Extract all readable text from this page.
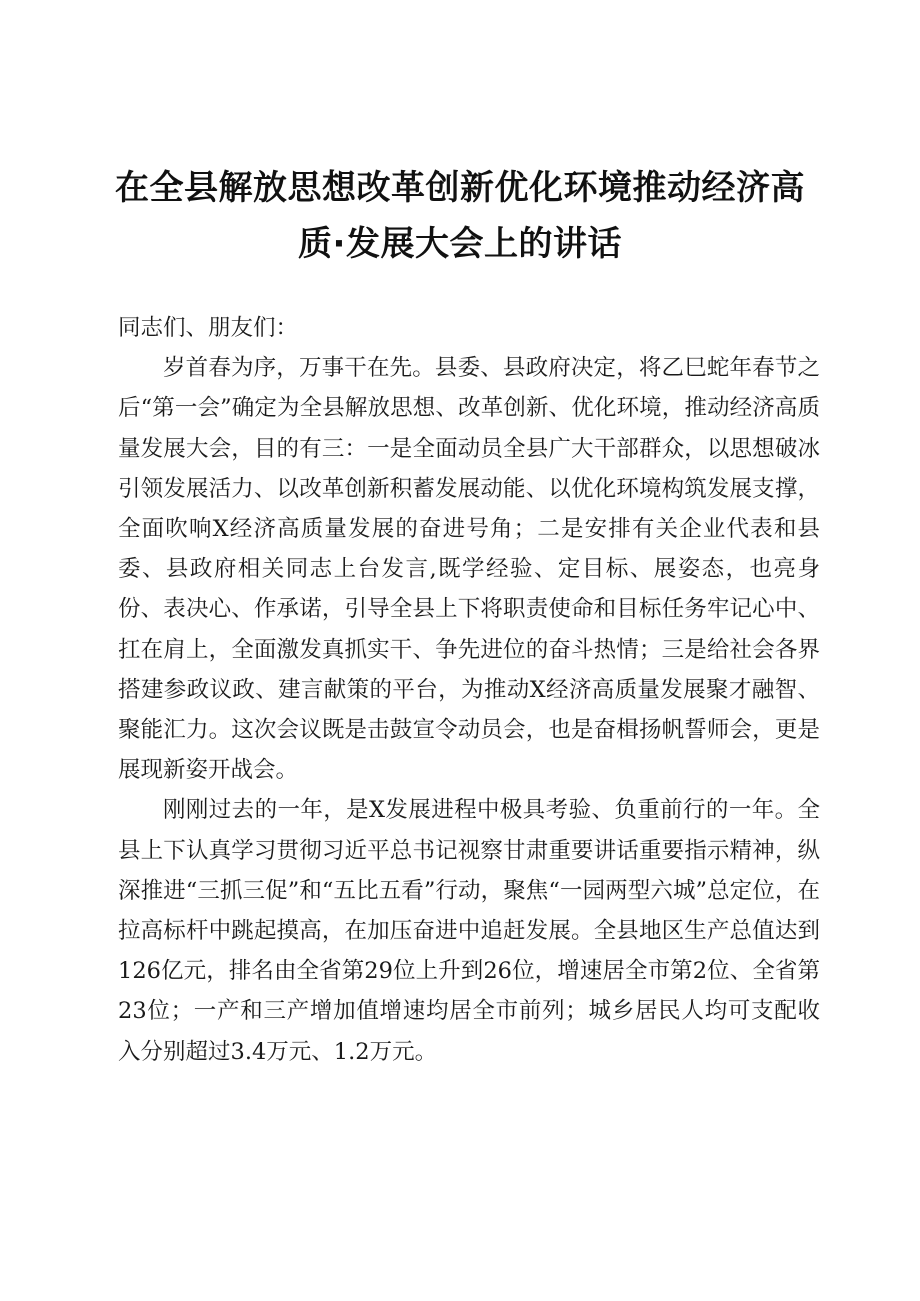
在全县解放思想改革创新优化环境推动经济高
质·发展大会上的讲话

同志们、朋友们：

岁首春为序，万事干在先。县委、县政府决定，将乙巳蛇年春节之后“第一会”确定为全县解放思想、改革创新、优化环境，推动经济高质量发展大会，目的有三：一是全面动员全县广大干部群众，以思想破冰引领发展活力、以改革创新积蓄发展动能、以优化环境构筑发展支撑，全面吹响X经济高质量发展的奋进号角；二是安排有关企业代表和县委、县政府相关同志上台发言,既学经验、定目标、展姿态，也亮身份、表决心、作承诺，引导全县上下将职责使命和目标任务牢记心中、扛在肩上，全面激发真抓实干、争先进位的奋斗热情；三是给社会各界搭建参政议政、建言献策的平台，为推动X经济高质量发展聚才融智、聚能汇力。这次会议既是击鼓宣令动员会，也是奋楫扬帆誓师会，更是展现新姿开战会。

刚刚过去的一年，是X发展进程中极具考验、负重前行的一年。全县上下认真学习贯彻习近平总书记视察甘肃重要讲话重要指示精神，纵深推进“三抓三促”和“五比五看”行动，聚焦“一园两型六城”总定位，在拉高标杆中跳起摸高，在加压奋进中追赶发展。全县地区生产总值达到126亿元，排名由全省第29位上升到26位，增速居全市第2位、全省第23位；一产和三产增加值增速均居全市前列；城乡居民人均可支配收入分别超过3.4万元、1.2万元。
